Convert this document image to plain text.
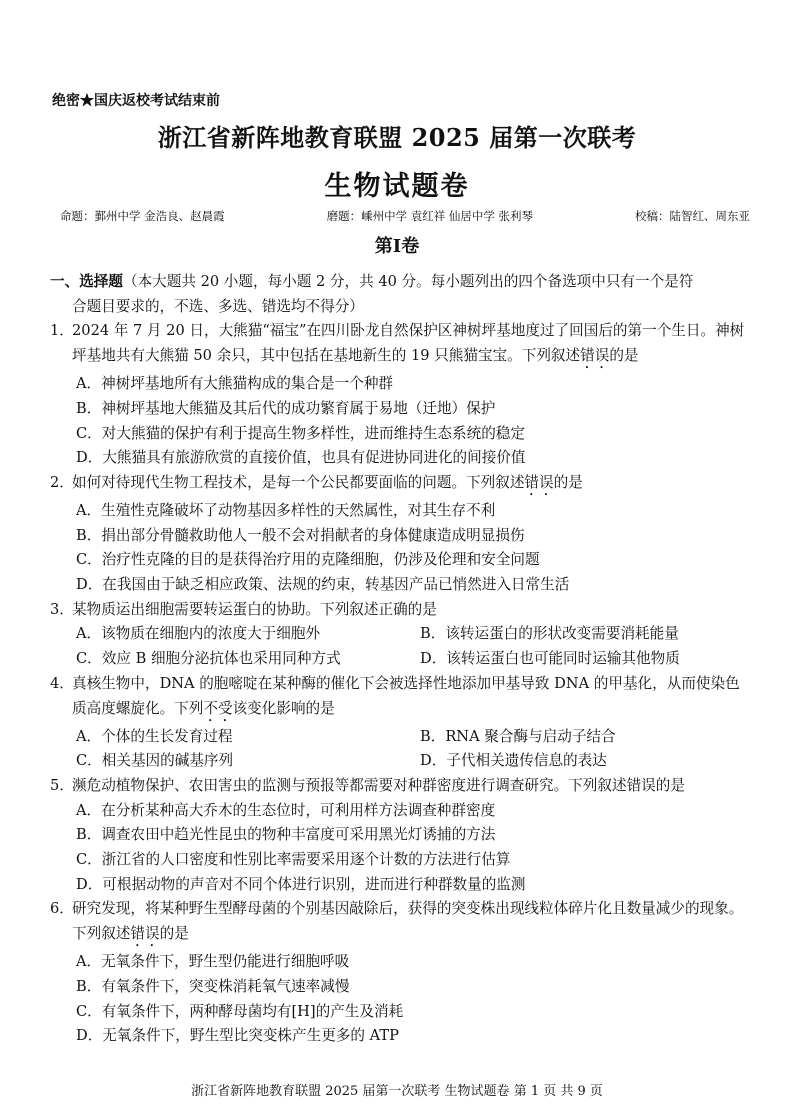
绝密★国庆返校考试结束前
浙江省新阵地教育联盟 2025 届第一次联考
生物试题卷
命题：鄞州中学 金浩良、赵晨霞	磨题：嵊州中学 袁红祥 仙居中学 张利琴	校稿：陆智红、周东亚
第Ⅰ卷
一、选择题（本大题共 20 小题，每小题 2 分，共 40 分。每小题列出的四个备选项中只有一个是符
合题目要求的，不选、多选、错选均不得分）
1．2024 年 7 月 20 日，大熊猫“福宝”在四川卧龙自然保护区神树坪基地度过了回国后的第一个生日。神树坪基地共有大熊猫 50 余只，其中包括在基地新生的 19 只熊猫宝宝。下列叙述错误的是
A．神树坪基地所有大熊猫构成的集合是一个种群
B．神树坪基地大熊猫及其后代的成功繁育属于易地（迁地）保护
C．对大熊猫的保护有利于提高生物多样性，进而维持生态系统的稳定
D．大熊猫具有旅游欣赏的直接价值，也具有促进协同进化的间接价值
2．如何对待现代生物工程技术，是每一个公民都要面临的问题。下列叙述错误的是
A．生殖性克隆破坏了动物基因多样性的天然属性，对其生存不利
B．捐出部分骨髓救助他人一般不会对捐献者的身体健康造成明显损伤
C．治疗性克隆的目的是获得治疗用的克隆细胞，仍涉及伦理和安全问题
D．在我国由于缺乏相应政策、法规的约束，转基因产品已悄然进入日常生活
3．某物质运出细胞需要转运蛋白的协助。下列叙述正确的是
A．该物质在细胞内的浓度大于细胞外	B．该转运蛋白的形状改变需要消耗能量
C．效应 B 细胞分泌抗体也采用同种方式	D．该转运蛋白也可能同时运输其他物质
4．真核生物中，DNA 的胞嘧啶在某种酶的催化下会被选择性地添加甲基导致 DNA 的甲基化，从而使染色质高度螺旋化。下列不受该变化影响的是
A．个体的生长发育过程	B．RNA 聚合酶与启动子结合
C．相关基因的碱基序列	D．子代相关遗传信息的表达
5．濒危动植物保护、农田害虫的监测与预报等都需要对种群密度进行调查研究。下列叙述错误的是
A．在分析某种高大乔木的生态位时，可利用样方法调查种群密度
B．调查农田中趋光性昆虫的物种丰富度可采用黑光灯诱捕的方法
C．浙江省的人口密度和性别比率需要采用逐个计数的方法进行估算
D．可根据动物的声音对不同个体进行识别，进而进行种群数量的监测
6．研究发现，将某种野生型酵母菌的个别基因敲除后，获得的突变株出现线粒体碎片化且数量减少的现象。下列叙述错误的是
A．无氧条件下，野生型仍能进行细胞呼吸
B．有氧条件下，突变株消耗氧气速率减慢
C．有氧条件下，两种酵母菌均有[H]的产生及消耗
D．无氧条件下，野生型比突变株产生更多的 ATP
浙江省新阵地教育联盟 2025 届第一次联考 生物试题卷 第 1 页 共 9 页
